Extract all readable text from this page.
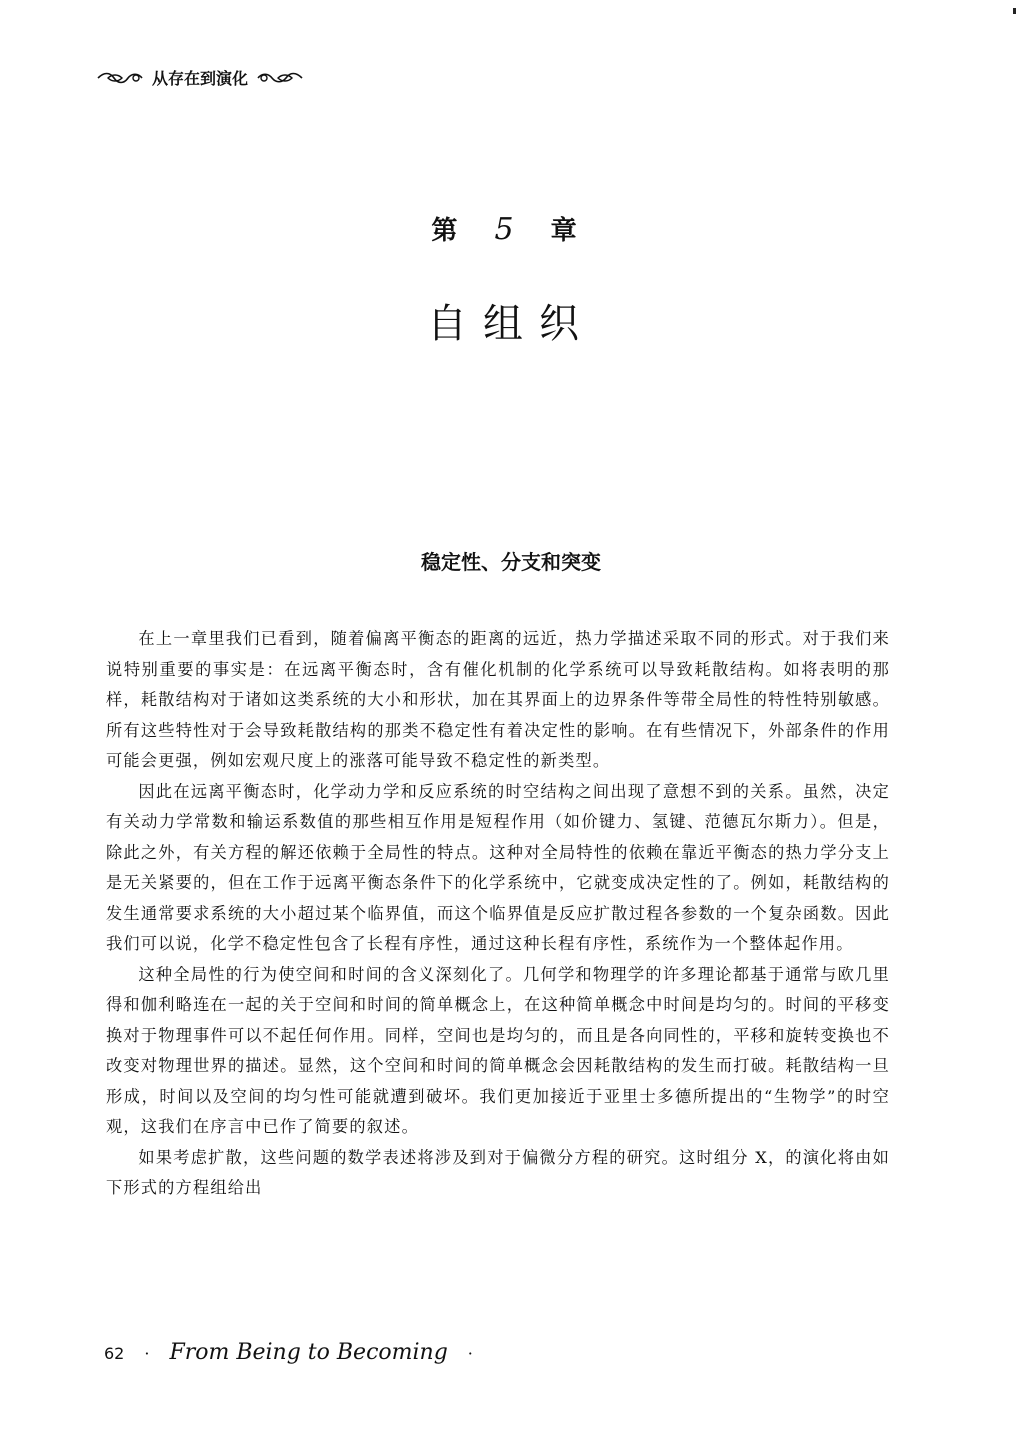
从存在到演化
第 5 章
自组织
稳定性、分支和突变

在上一章里我们已看到，随着偏离平衡态的距离的远近，热力学描述采取不同的形式。对于我们来说特别重要的事实是：在远离平衡态时，含有催化机制的化学系统可以导致耗散结构。如将表明的那样，耗散结构对于诸如这类系统的大小和形状，加在其界面上的边界条件等带全局性的特性特别敏感。所有这些特性对于会导致耗散结构的那类不稳定性有着决定性的影响。在有些情况下，外部条件的作用可能会更强，例如宏观尺度上的涨落可能导致不稳定性的新类型。

因此在远离平衡态时，化学动力学和反应系统的时空结构之间出现了意想不到的关系。虽然，决定有关动力学常数和输运系数值的那些相互作用是短程作用（如价键力、氢键、范德瓦尔斯力）。但是，除此之外，有关方程的解还依赖于全局性的特点。这种对全局特性的依赖在靠近平衡态的热力学分支上是无关紧要的，但在工作于远离平衡态条件下的化学系统中，它就变成决定性的了。例如，耗散结构的发生通常要求系统的大小超过某个临界值，而这个临界值是反应扩散过程各参数的一个复杂函数。因此我们可以说，化学不稳定性包含了长程有序性，通过这种长程有序性，系统作为一个整体起作用。

这种全局性的行为使空间和时间的含义深刻化了。几何学和物理学的许多理论都基于通常与欧几里得和伽利略连在一起的关于空间和时间的简单概念上，在这种简单概念中时间是均匀的。时间的平移变换对于物理事件可以不起任何作用。同样，空间也是均匀的，而且是各向同性的，平移和旋转变换也不改变对物理世界的描述。显然，这个空间和时间的简单概念会因耗散结构的发生而打破。耗散结构一旦形成，时间以及空间的均匀性可能就遭到破坏。我们更加接近于亚里士多德所提出的“生物学”的时空观，这我们在序言中已作了简要的叙述。

如果考虑扩散，这些问题的数学表述将涉及到对于偏微分方程的研究。这时组分 X，的演化将由如下形式的方程组给出

62 · From Being to Becoming ·
